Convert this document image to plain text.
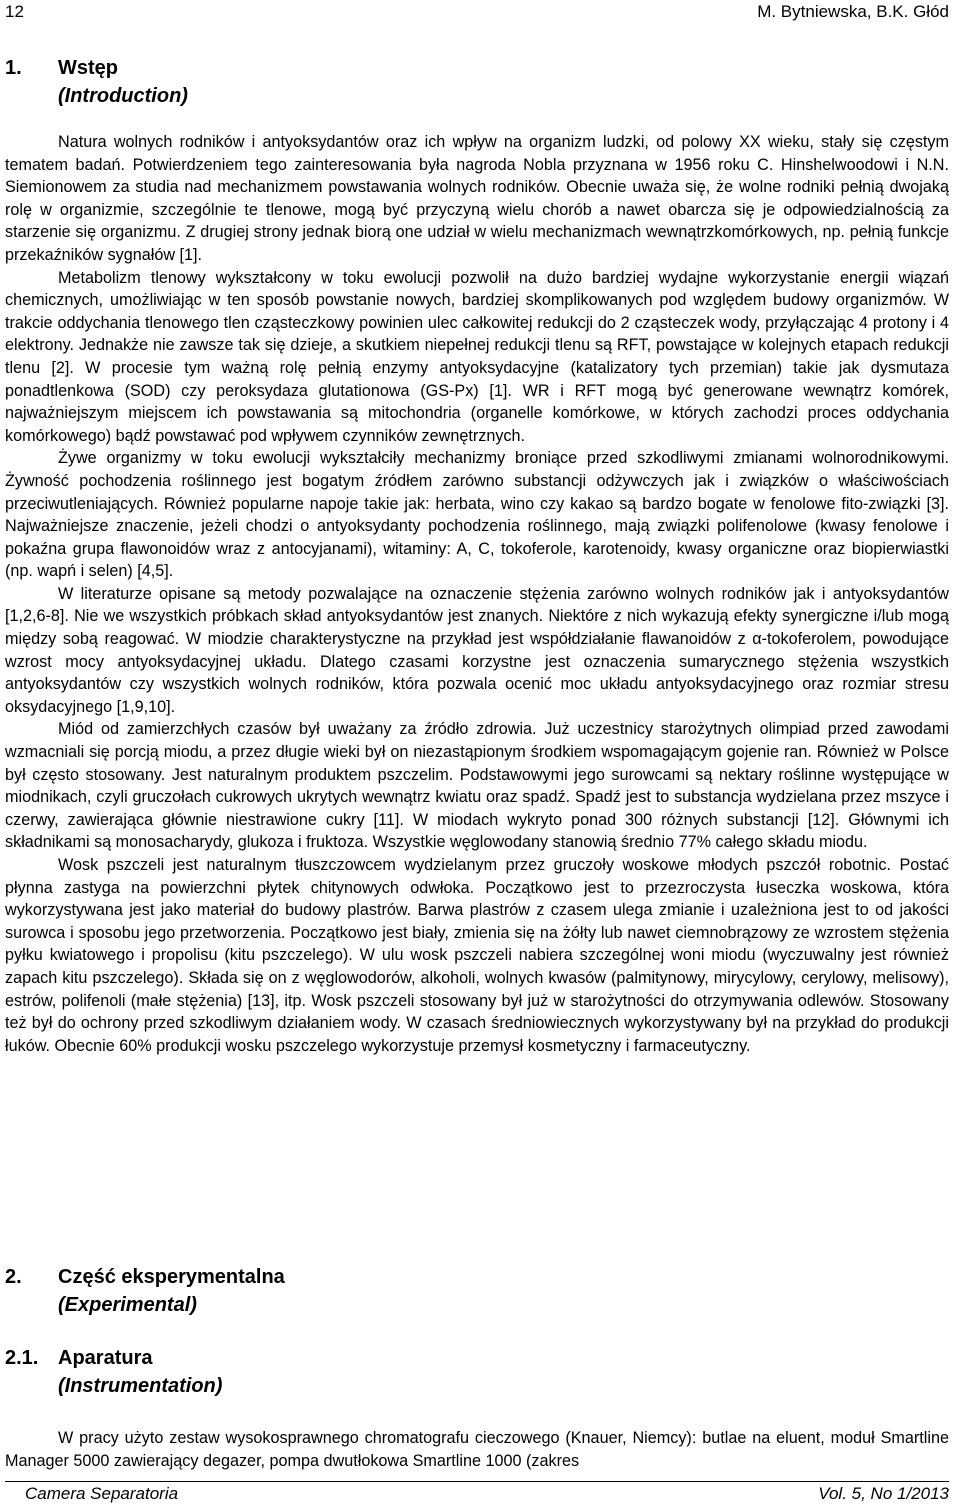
12	M. Bytniewska, B.K. Głód
1. Wstęp
(Introduction)

Natura wolnych rodników i antyoksydantów oraz ich wpływ na organizm ludzki, od polowy XX wieku, stały się częstym tematem badań. Potwierdzeniem tego zainteresowania była nagroda Nobla przyznana w 1956 roku C. Hinshelwoodowi i N.N. Siemionowem za studia nad mechanizmem powstawania wolnych rodników. Obecnie uważa się, że wolne rodniki pełnią dwojaką rolę w organizmie, szczególnie te tlenowe, mogą być przyczyną wielu chorób a nawet obarcza się je odpowiedzialnością za starzenie się organizmu. Z drugiej strony jednak biorą one udział w wielu mechanizmach wewnątrzkomórkowych, np. pełnią funkcje przekaźników sygnałów [1].

Metabolizm tlenowy wykształcony w toku ewolucji pozwolił na dużo bardziej wydajne wykorzystanie energii wiązań chemicznych, umożliwiając w ten sposób powstanie nowych, bardziej skomplikowanych pod względem budowy organizmów. W trakcie oddychania tlenowego tlen cząsteczkowy powinien ulec całkowitej redukcji do 2 cząsteczek wody, przyłączając 4 protony i 4 elektrony. Jednakże nie zawsze tak się dzieje, a skutkiem niepełnej redukcji tlenu są RFT, powstające w kolejnych etapach redukcji tlenu [2]. W procesie tym ważną rolę pełnią enzymy antyoksydacyjne (katalizatory tych przemian) takie jak dysmutaza ponadtlenkowa (SOD) czy peroksydaza glutationowa (GS-Px) [1]. WR i RFT mogą być generowane wewnątrz komórek, najważniejszym miejscem ich powstawania są mitochondria (organelle komórkowe, w których zachodzi proces oddychania komórkowego) bądź powstawać pod wpływem czynników zewnętrznych.

Żywe organizmy w toku ewolucji wykształciły mechanizmy broniące przed szkodliwymi zmianami wolnorodnikowymi. Żywność pochodzenia roślinnego jest bogatym źródłem zarówno substancji odżywczych jak i związków o właściwościach przeciwutleniających. Również popularne napoje takie jak: herbata, wino czy kakao są bardzo bogate w fenolowe fito-związki [3]. Najważniejsze znaczenie, jeżeli chodzi o antyoksydanty pochodzenia roślinnego, mają związki polifenolowe (kwasy fenolowe i pokaźna grupa flawonoidów wraz z antocyjanami), witaminy: A, C, tokoferole, karotenoidy, kwasy organiczne oraz biopierwiastki (np. wapń i selen) [4,5].

W literaturze opisane są metody pozwalające na oznaczenie stężenia zarówno wolnych rodników jak i antyoksydantów [1,2,6-8]. Nie we wszystkich próbkach skład antyoksydantów jest znanych. Niektóre z nich wykazują efekty synergiczne i/lub mogą między sobą reagować. W miodzie charakterystyczne na przykład jest współdziałanie flawanoidów z α-tokoferolem, powodujące wzrost mocy antyoksydacyjnej układu. Dlatego czasami korzystne jest oznaczenia sumarycznego stężenia wszystkich antyoksydantów czy wszystkich wolnych rodników, która pozwala ocenić moc układu antyoksydacyjnego oraz rozmiar stresu oksydacyjnego [1,9,10].

Miód od zamierzchłych czasów był uważany za źródło zdrowia. Już uczestnicy starożytnych olimpiad przed zawodami wzmacniali się porcją miodu, a przez długie wieki był on niezastąpionym środkiem wspomagającym gojenie ran. Również w Polsce był często stosowany. Jest naturalnym produktem pszczelim. Podstawowymi jego surowcami są nektary roślinne występujące w miodnikach, czyli gruczołach cukrowych ukrytych wewnątrz kwiatu oraz spadź. Spadź jest to substancja wydzielana przez mszyce i czerwy, zawierająca głównie niestrawione cukry [11]. W miodach wykryto ponad 300 różnych substancji [12]. Głównymi ich składnikami są monosacharydy, glukoza i fruktoza. Wszystkie węglowodany stanowią średnio 77% całego składu miodu.

Wosk pszczeli jest naturalnym tłuszczowcem wydzielanym przez gruczoły woskowe młodych pszczół robotnic. Postać płynna zastyga na powierzchni płytek chitynowych odwłoka. Początkowo jest to przezroczysta łuseczka woskowa, która wykorzystywana jest jako materiał do budowy plastrów. Barwa plastrów z czasem ulega zmianie i uzależniona jest to od jakości surowca i sposobu jego przetworzenia. Początkowo jest biały, zmienia się na żółty lub nawet ciemnobrązowy ze wzrostem stężenia pyłku kwiatowego i propolisu (kitu pszczelego). W ulu wosk pszczeli nabiera szczególnej woni miodu (wyczuwalny jest również zapach kitu pszczelego). Składa się on z węglowodorów, alkoholi, wolnych kwasów (palmitynowy, mirycylowy, cerylowy, melisowy), estrów, polifenoli (małe stężenia) [13], itp. Wosk pszczeli stosowany był już w starożytności do otrzymywania odlewów. Stosowany też był do ochrony przed szkodliwym działaniem wody. W czasach średniowiecznych wykorzystywany był na przykład do produkcji łuków. Obecnie 60% produkcji wosku pszczelego wykorzystuje przemysł kosmetyczny i farmaceutyczny.

2. Część eksperymentalna
(Experimental)
2.1. Aparatura
(Instrumentation)

W pracy użyto zestaw wysokosprawnego chromatografu cieczowego (Knauer, Niemcy): butlae na eluent, moduł Smartline Manager 5000 zawierający degazer, pompa dwutłokowa Smartline 1000 (zakres

Camera Separatoria	Vol. 5, No 1/2013
